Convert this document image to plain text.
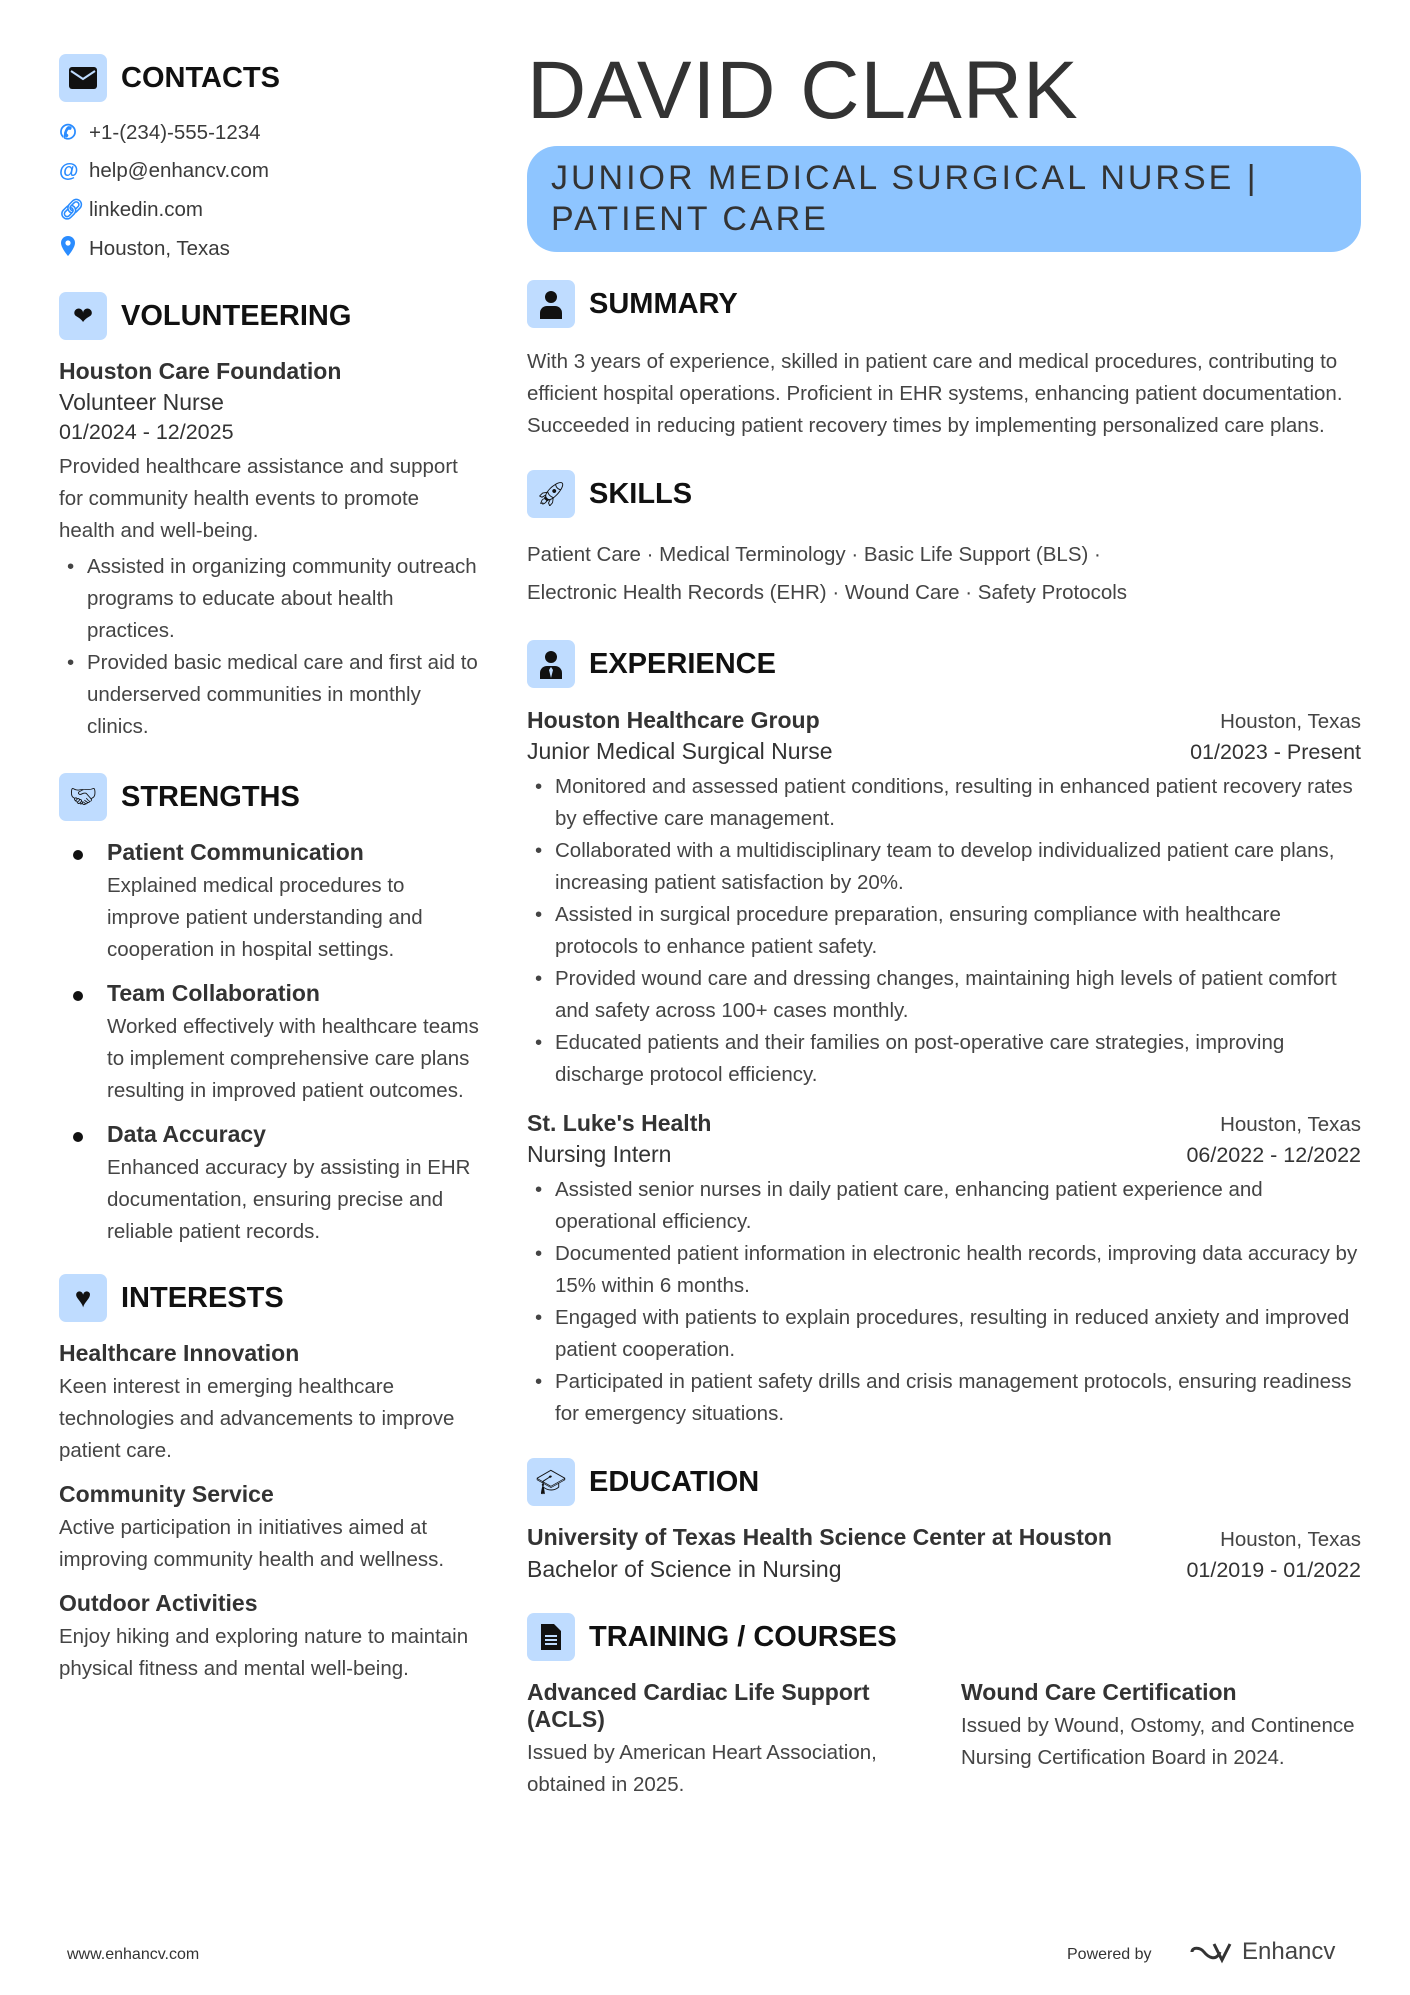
CONTACTS
✆ +1-(234)-555-1234
@ help@enhancv.com
🔗︎ linkedin.com
Houston, Texas
❤ VOLUNTEERING
Houston Care Foundation
Volunteer Nurse
01/2024 - 12/2025
Provided healthcare assistance and support for community health events to promote health and well-being.
• Assisted in organizing community outreach programs to educate about health practices.
• Provided basic medical care and first aid to underserved communities in monthly clinics.
🤝︎ STRENGTHS
Patient Communication
Explained medical procedures to improve patient understanding and cooperation in hospital settings.
Team Collaboration
Worked effectively with healthcare teams to implement comprehensive care plans resulting in improved patient outcomes.
Data Accuracy
Enhanced accuracy by assisting in EHR documentation, ensuring precise and reliable patient records.
♥ INTERESTS
Healthcare Innovation
Keen interest in emerging healthcare technologies and advancements to improve patient care.
Community Service
Active participation in initiatives aimed at improving community health and wellness.
Outdoor Activities
Enjoy hiking and exploring nature to maintain physical fitness and mental well-being.
DAVID CLARK
JUNIOR MEDICAL SURGICAL NURSE | PATIENT CARE
SUMMARY
With 3 years of experience, skilled in patient care and medical procedures, contributing to efficient hospital operations. Proficient in EHR systems, enhancing patient documentation. Succeeded in reducing patient recovery times by implementing personalized care plans.
🚀︎ SKILLS
Patient Care · Medical Terminology · Basic Life Support (BLS) ·
Electronic Health Records (EHR) · Wound Care · Safety Protocols
EXPERIENCE
Houston Healthcare Group	Houston, Texas
Junior Medical Surgical Nurse	01/2023 - Present
• Monitored and assessed patient conditions, resulting in enhanced patient recovery rates by effective care management.
• Collaborated with a multidisciplinary team to develop individualized patient care plans, increasing patient satisfaction by 20%.
• Assisted in surgical procedure preparation, ensuring compliance with healthcare protocols to enhance patient safety.
• Provided wound care and dressing changes, maintaining high levels of patient comfort and safety across 100+ cases monthly.
• Educated patients and their families on post-operative care strategies, improving discharge protocol efficiency.
St. Luke's Health	Houston, Texas
Nursing Intern	06/2022 - 12/2022
• Assisted senior nurses in daily patient care, enhancing patient experience and operational efficiency.
• Documented patient information in electronic health records, improving data accuracy by 15% within 6 months.
• Engaged with patients to explain procedures, resulting in reduced anxiety and improved patient cooperation.
• Participated in patient safety drills and crisis management protocols, ensuring readiness for emergency situations.
🎓︎ EDUCATION
University of Texas Health Science Center at Houston	Houston, Texas
Bachelor of Science in Nursing	01/2019 - 01/2022
TRAINING / COURSES
Advanced Cardiac Life Support (ACLS)
Issued by American Heart Association, obtained in 2025.
Wound Care Certification
Issued by Wound, Ostomy, and Continence Nursing Certification Board in 2024.
www.enhancv.com	Powered by	Enhancv
